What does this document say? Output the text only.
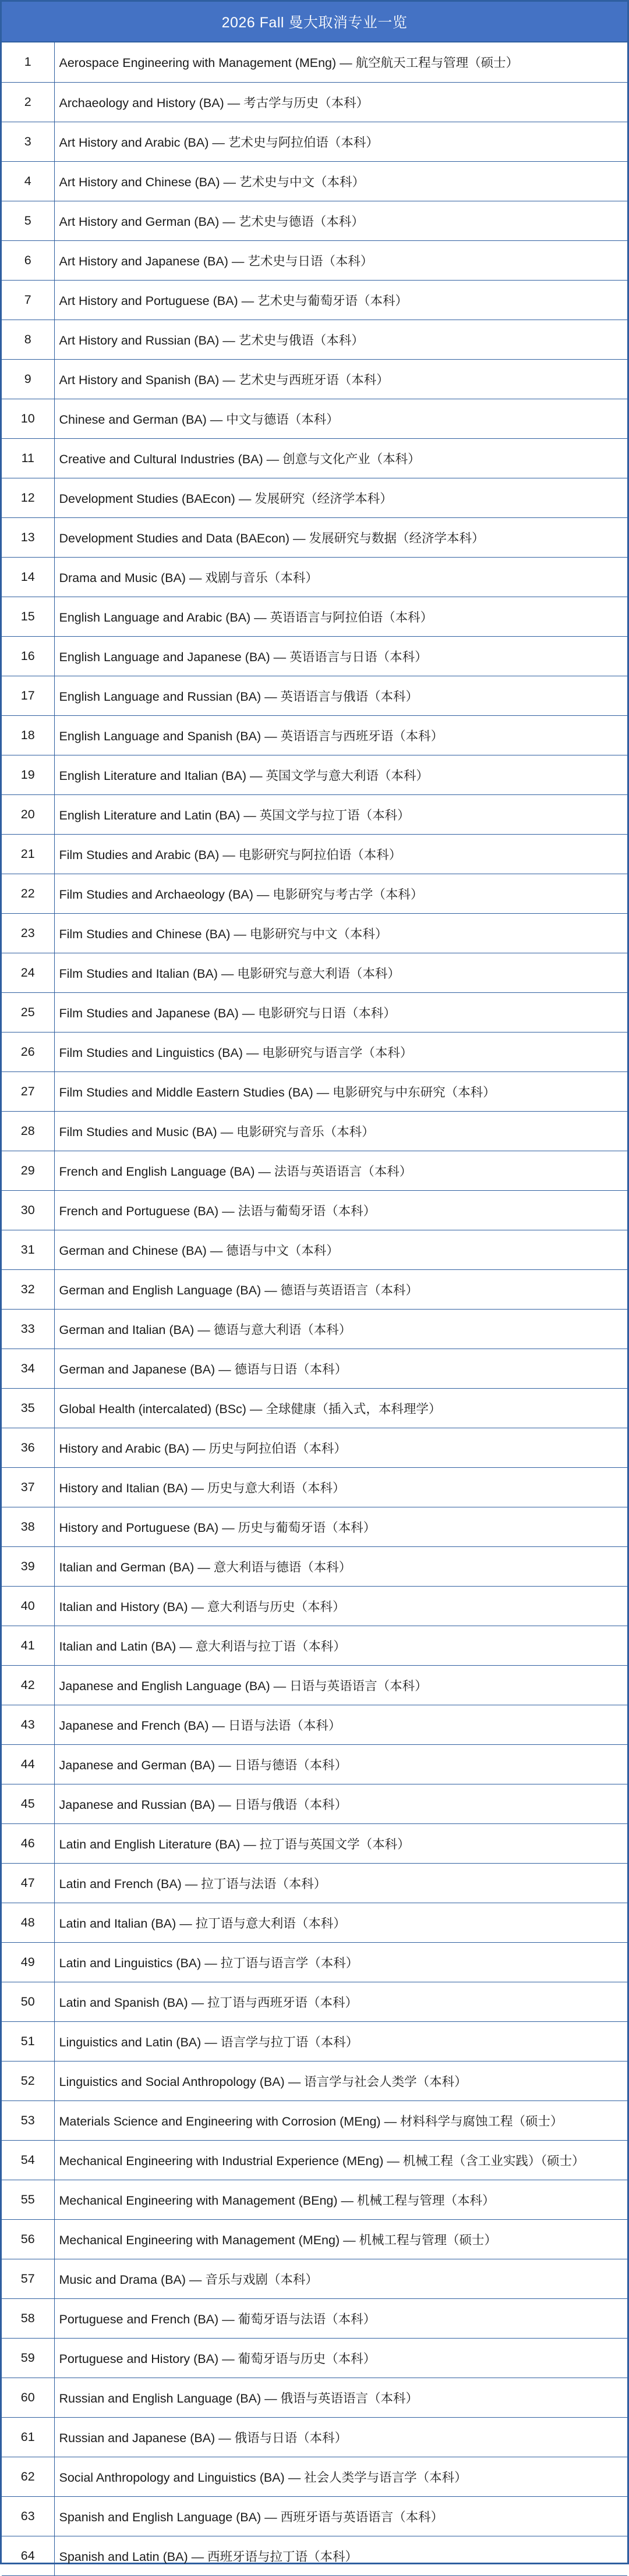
2026 Fall 曼大取消专业一览
1	Aerospace Engineering with Management (MEng) — 航空航天工程与管理（硕士）
2	Archaeology and History (BA) — 考古学与历史（本科）
3	Art History and Arabic (BA) — 艺术史与阿拉伯语（本科）
4	Art History and Chinese (BA) — 艺术史与中文（本科）
5	Art History and German (BA) — 艺术史与德语（本科）
6	Art History and Japanese (BA) — 艺术史与日语（本科）
7	Art History and Portuguese (BA) — 艺术史与葡萄牙语（本科）
8	Art History and Russian (BA) — 艺术史与俄语（本科）
9	Art History and Spanish (BA) — 艺术史与西班牙语（本科）
10	Chinese and German (BA) — 中文与德语（本科）
11	Creative and Cultural Industries (BA) — 创意与文化产业（本科）
12	Development Studies (BAEcon) — 发展研究（经济学本科）
13	Development Studies and Data (BAEcon) — 发展研究与数据（经济学本科）
14	Drama and Music (BA) — 戏剧与音乐（本科）
15	English Language and Arabic (BA) — 英语语言与阿拉伯语（本科）
16	English Language and Japanese (BA) — 英语语言与日语（本科）
17	English Language and Russian (BA) — 英语语言与俄语（本科）
18	English Language and Spanish (BA) — 英语语言与西班牙语（本科）
19	English Literature and Italian (BA) — 英国文学与意大利语（本科）
20	English Literature and Latin (BA) — 英国文学与拉丁语（本科）
21	Film Studies and Arabic (BA) — 电影研究与阿拉伯语（本科）
22	Film Studies and Archaeology (BA) — 电影研究与考古学（本科）
23	Film Studies and Chinese (BA) — 电影研究与中文（本科）
24	Film Studies and Italian (BA) — 电影研究与意大利语（本科）
25	Film Studies and Japanese (BA) — 电影研究与日语（本科）
26	Film Studies and Linguistics (BA) — 电影研究与语言学（本科）
27	Film Studies and Middle Eastern Studies (BA) — 电影研究与中东研究（本科）
28	Film Studies and Music (BA) — 电影研究与音乐（本科）
29	French and English Language (BA) — 法语与英语语言（本科）
30	French and Portuguese (BA) — 法语与葡萄牙语（本科）
31	German and Chinese (BA) — 德语与中文（本科）
32	German and English Language (BA) — 德语与英语语言（本科）
33	German and Italian (BA) — 德语与意大利语（本科）
34	German and Japanese (BA) — 德语与日语（本科）
35	Global Health (intercalated) (BSc) — 全球健康（插入式，本科理学）
36	History and Arabic (BA) — 历史与阿拉伯语（本科）
37	History and Italian (BA) — 历史与意大利语（本科）
38	History and Portuguese (BA) — 历史与葡萄牙语（本科）
39	Italian and German (BA) — 意大利语与德语（本科）
40	Italian and History (BA) — 意大利语与历史（本科）
41	Italian and Latin (BA) — 意大利语与拉丁语（本科）
42	Japanese and English Language (BA) — 日语与英语语言（本科）
43	Japanese and French (BA) — 日语与法语（本科）
44	Japanese and German (BA) — 日语与德语（本科）
45	Japanese and Russian (BA) — 日语与俄语（本科）
46	Latin and English Literature (BA) — 拉丁语与英国文学（本科）
47	Latin and French (BA) — 拉丁语与法语（本科）
48	Latin and Italian (BA) — 拉丁语与意大利语（本科）
49	Latin and Linguistics (BA) — 拉丁语与语言学（本科）
50	Latin and Spanish (BA) — 拉丁语与西班牙语（本科）
51	Linguistics and Latin (BA) — 语言学与拉丁语（本科）
52	Linguistics and Social Anthropology (BA) — 语言学与社会人类学（本科）
53	Materials Science and Engineering with Corrosion (MEng) — 材料科学与腐蚀工程（硕士）
54	Mechanical Engineering with Industrial Experience (MEng) — 机械工程（含工业实践）（硕士）
55	Mechanical Engineering with Management (BEng) — 机械工程与管理（本科）
56	Mechanical Engineering with Management (MEng) — 机械工程与管理（硕士）
57	Music and Drama (BA) — 音乐与戏剧（本科）
58	Portuguese and French (BA) — 葡萄牙语与法语（本科）
59	Portuguese and History (BA) — 葡萄牙语与历史（本科）
60	Russian and English Language (BA) — 俄语与英语语言（本科）
61	Russian and Japanese (BA) — 俄语与日语（本科）
62	Social Anthropology and Linguistics (BA) — 社会人类学与语言学（本科）
63	Spanish and English Language (BA) — 西班牙语与英语语言（本科）
64	Spanish and Latin (BA) — 西班牙语与拉丁语（本科）
